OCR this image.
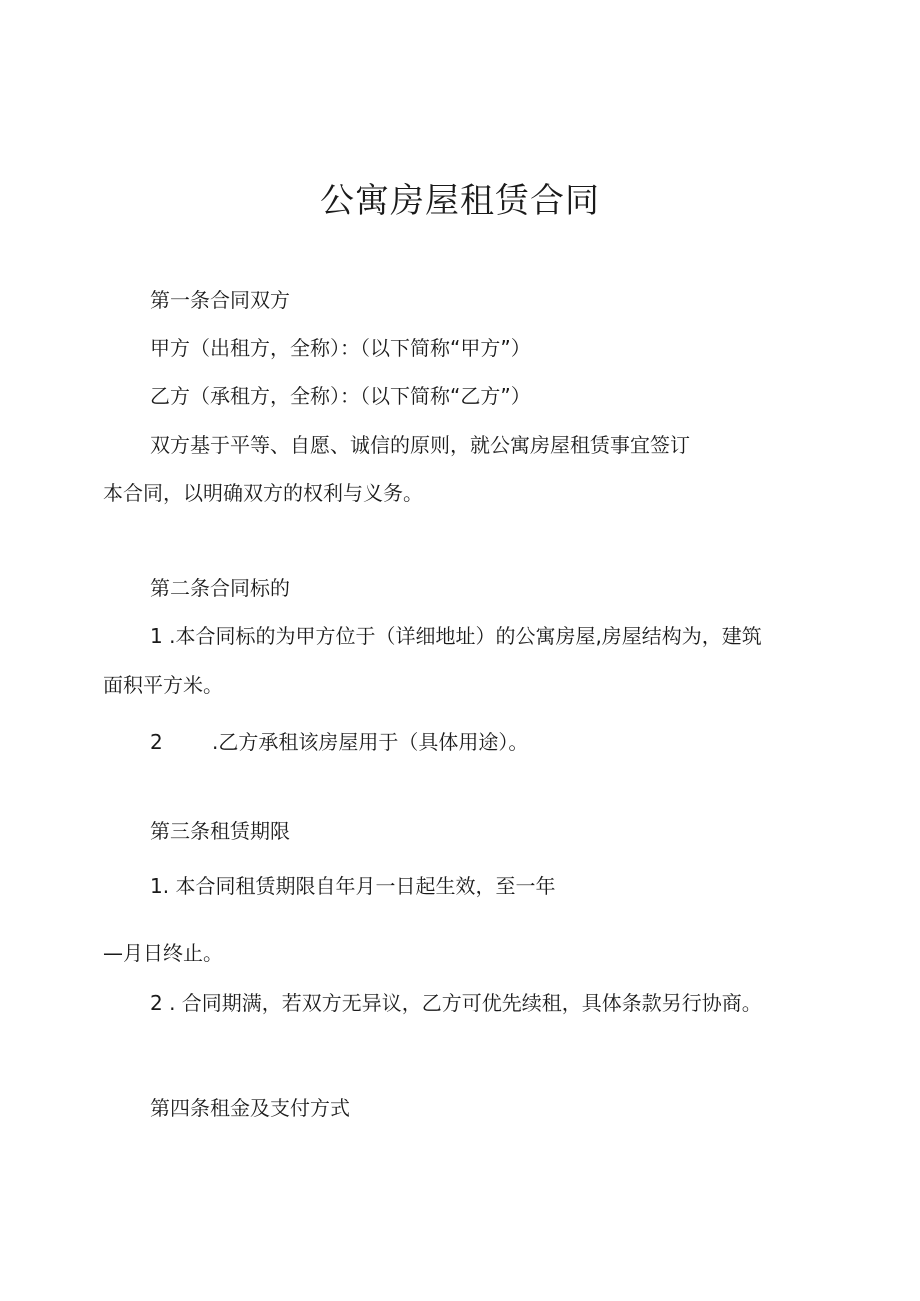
公寓房屋租赁合同
第一条合同双方
甲方（出租方，全称）：（以下简称“甲方”）
乙方（承租方，全称）：（以下简称“乙方”）
双方基于平等、自愿、诚信的原则，就公寓房屋租赁事宜签订
本合同，以明确双方的权利与义务。
第二条合同标的
1 .本合同标的为甲方位于（详细地址）的公寓房屋,房屋结构为，建筑
面积平方米。
2 .乙方承租该房屋用于（具体用途）。
第三条租赁期限
1. 本合同租赁期限自年月一日起生效，至一年
—月日终止。
2 . 合同期满，若双方无异议，乙方可优先续租，具体条款另行协商。
第四条租金及支付方式
